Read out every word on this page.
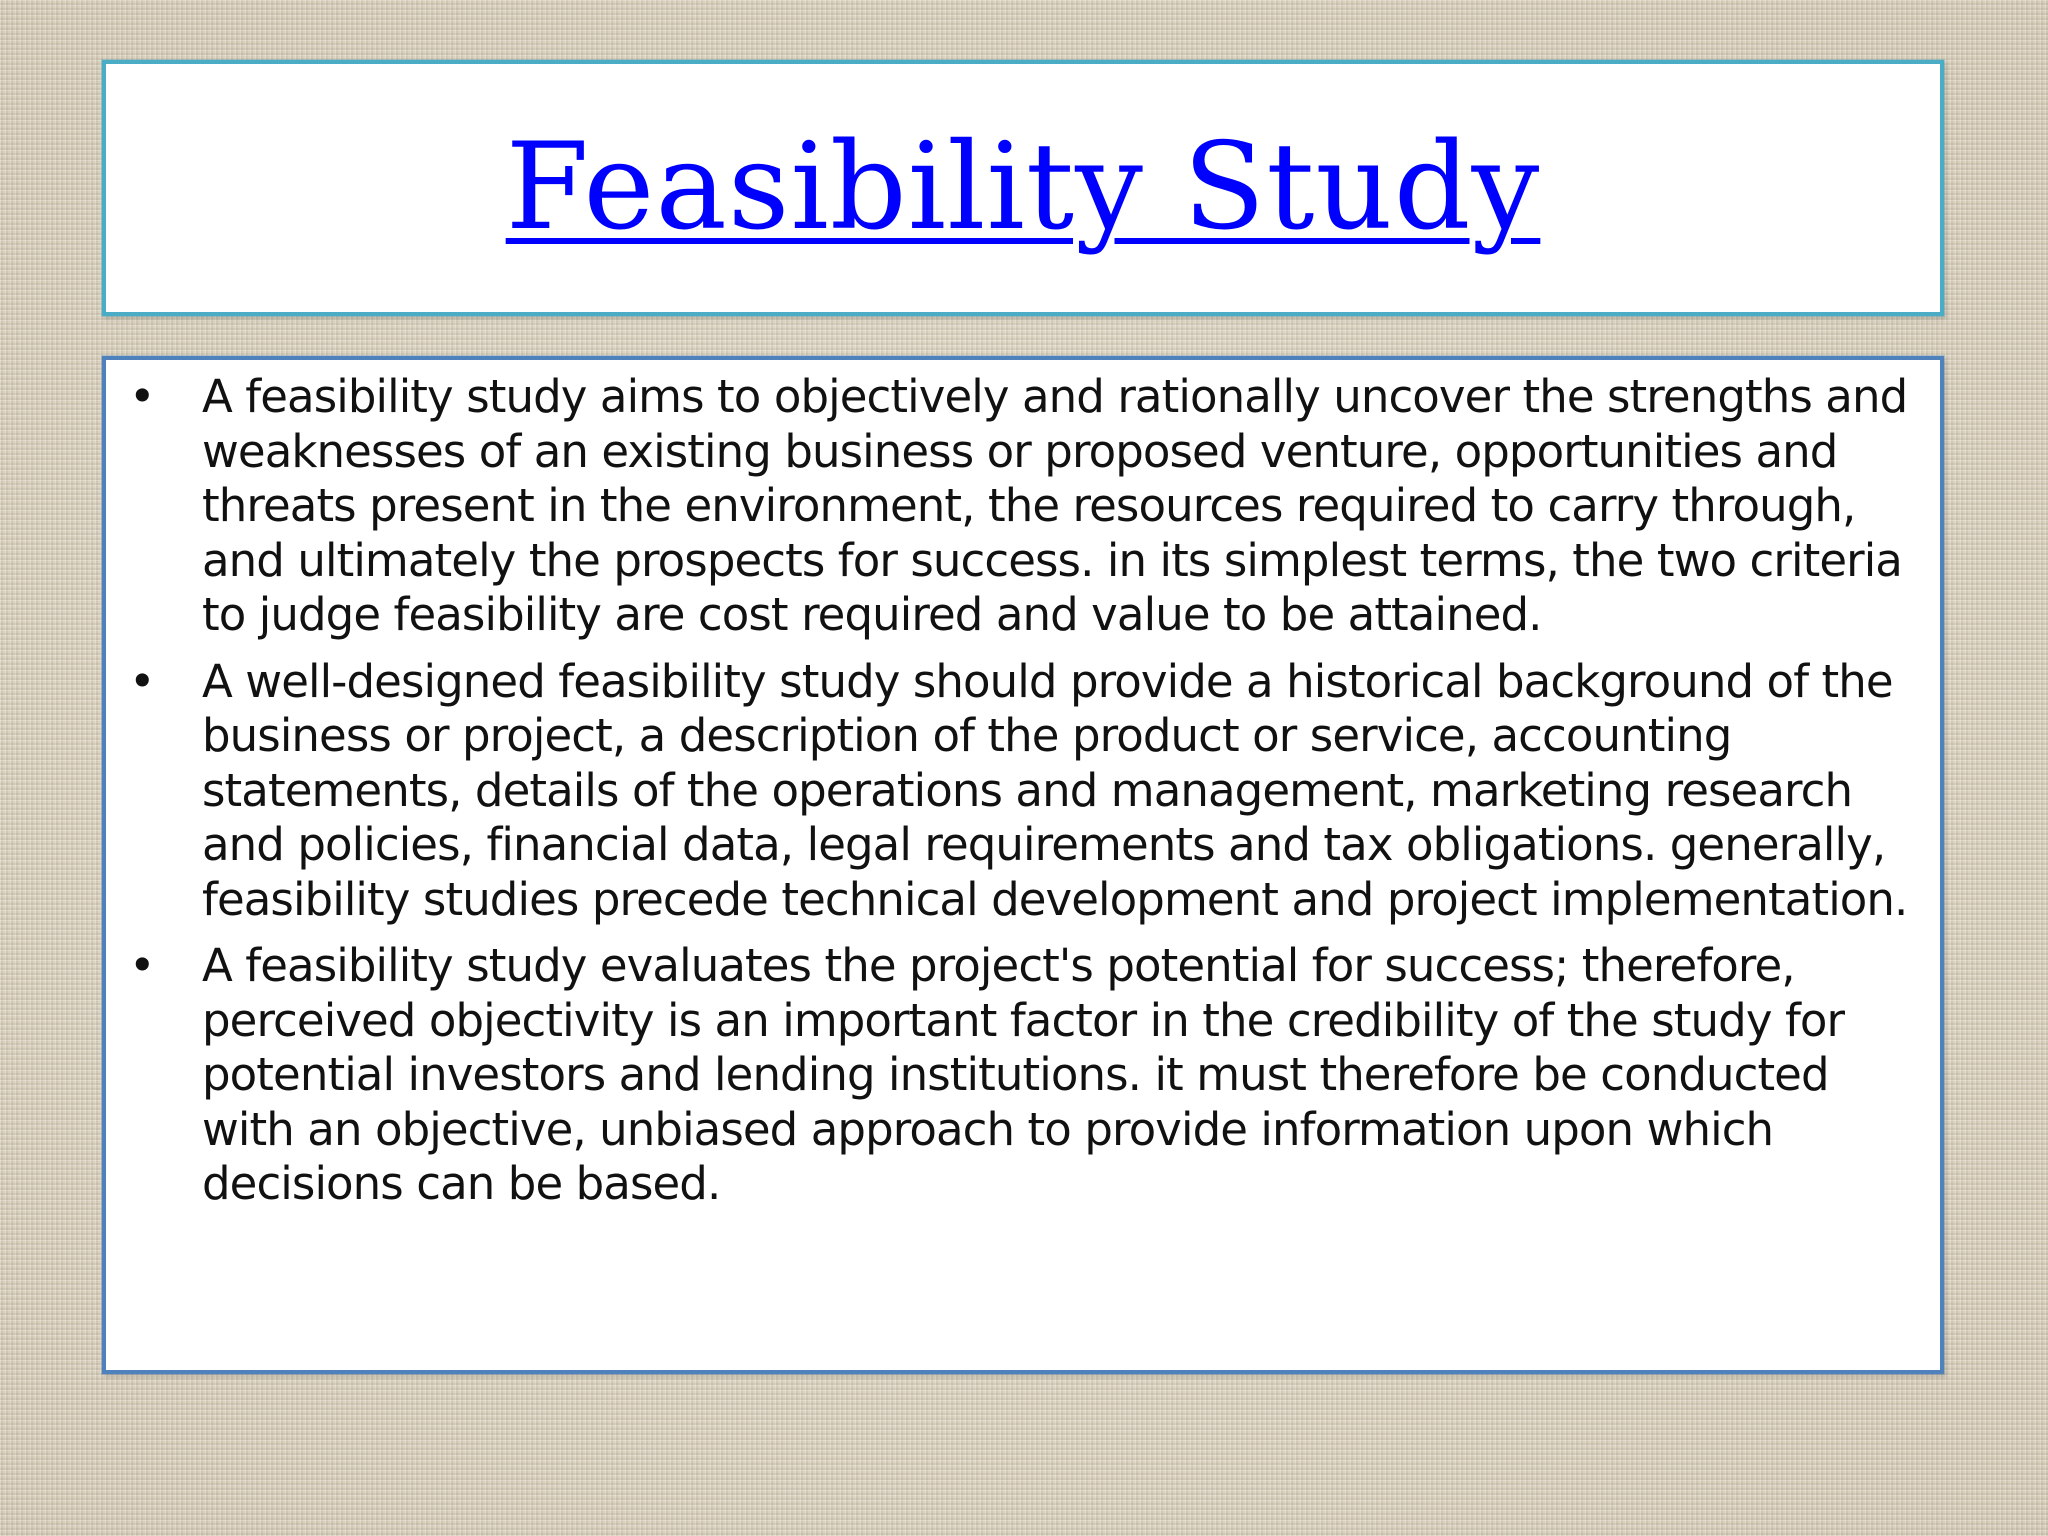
Feasibility Study
• A feasibility study aims to objectively and rationally uncover the strengths and weaknesses of an existing business or proposed venture, opportunities and threats present in the environment, the resources required to carry through, and ultimately the prospects for success. in its simplest terms, the two criteria to judge feasibility are cost required and value to be attained.
• A well-designed feasibility study should provide a historical background of the business or project, a description of the product or service, accounting statements, details of the operations and management, marketing research and policies, financial data, legal requirements and tax obligations. generally, feasibility studies precede technical development and project implementation.
• A feasibility study evaluates the project's potential for success; therefore, perceived objectivity is an important factor in the credibility of the study for potential investors and lending institutions. it must therefore be conducted with an objective, unbiased approach to provide information upon which decisions can be based.
